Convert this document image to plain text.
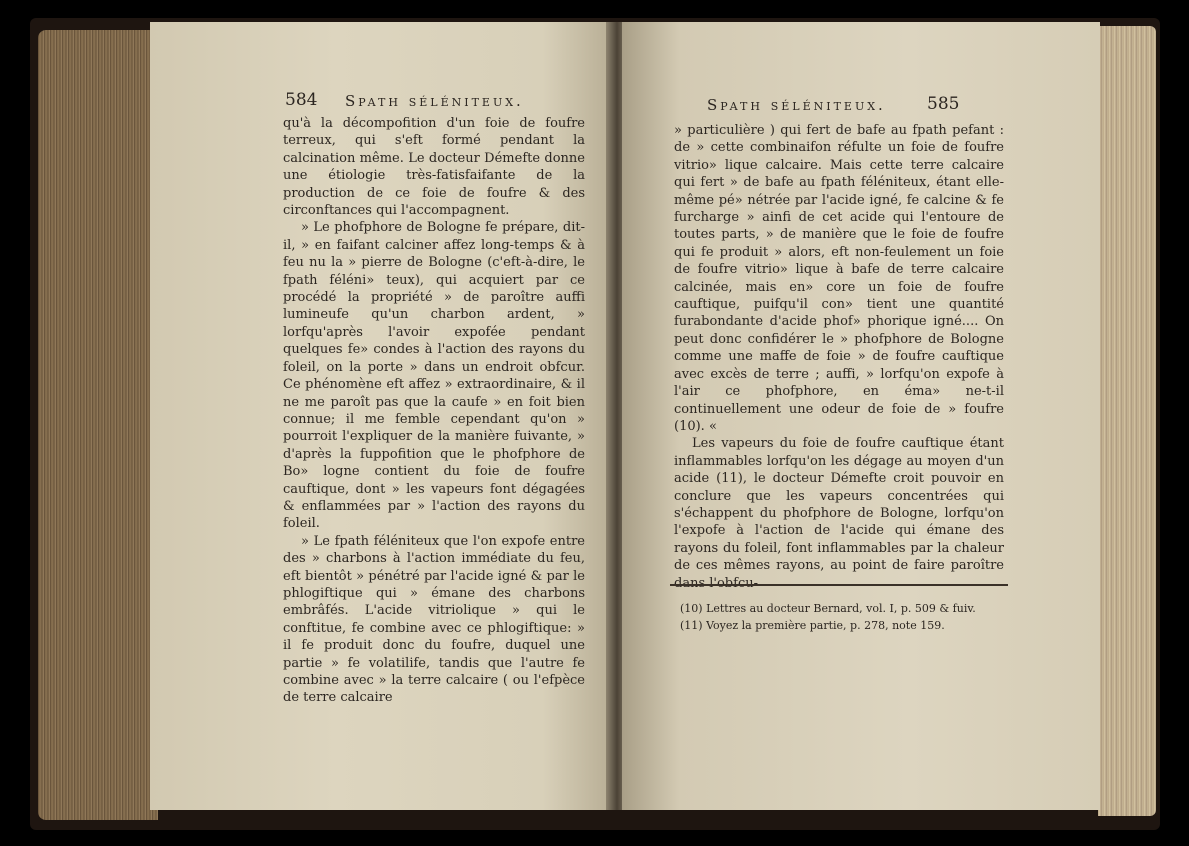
584 Spath séléniteux.

qu'à la décompofition d'un foie de foufre terreux, qui s'eft formé pendant la calcination même. Le docteur Démefte donne une étiologie très-fatisfaifante de la production de ce foie de foufre & des circonftances qui l'accompagnent.

» Le phofphore de Bologne fe prépare, dit-il, » en faifant calciner affez long-temps & à feu nu la » pierre de Bologne (c'eft-à-dire, le fpath féléni» teux), qui acquiert par ce procédé la propriété » de paroître auffi lumineufe qu'un charbon ardent, » lorfqu'après l'avoir expofée pendant quelques fe» condes à l'action des rayons du foleil, on la porte » dans un endroit obfcur. Ce phénomène eft affez » extraordinaire, & il ne me paroît pas que la caufe » en foit bien connue; il me femble cependant qu'on » pourroit l'expliquer de la manière fuivante, » d'après la fuppofition que le phofphore de Bo» logne contient du foie de foufre cauftique, dont » les vapeurs font dégagées & enflammées par » l'action des rayons du foleil.

» Le fpath féléniteux que l'on expofe entre des » charbons à l'action immédiate du feu, eft bientôt » pénétré par l'acide igné & par le phlogiftique qui » émane des charbons embrâfés. L'acide vitriolique » qui le conftitue, fe combine avec ce phlogiftique: » il fe produit donc du foufre, duquel une partie » fe volatilife, tandis que l'autre fe combine avec » la terre calcaire ( ou l'efpèce de terre calcaire

Spath séléniteux. 585

» particulière ) qui fert de bafe au fpath pefant : de » cette combinaifon réfulte un foie de foufre vitrio» lique calcaire. Mais cette terre calcaire qui fert » de bafe au fpath féléniteux, étant elle-même pé» nétrée par l'acide igné, fe calcine & fe furcharge » ainfi de cet acide qui l'entoure de toutes parts, » de manière que le foie de foufre qui fe produit » alors, eft non-feulement un foie de foufre vitrio» lique à bafe de terre calcaire calcinée, mais en» core un foie de foufre cauftique, puifqu'il con» tient une quantité furabondante d'acide phof» phorique igné.... On peut donc confidérer le » phofphore de Bologne comme une maffe de foie » de foufre cauftique avec excès de terre ; auffi, » lorfqu'on expofe à l'air ce phofphore, en éma» ne-t-il continuellement une odeur de foie de » foufre (10). «

Les vapeurs du foie de foufre cauftique étant inflammables lorfqu'on les dégage au moyen d'un acide (11), le docteur Démefte croit pouvoir en conclure que les vapeurs concentrées qui s'échappent du phofphore de Bologne, lorfqu'on l'expofe à l'action de l'acide qui émane des rayons du foleil, font inflammables par la chaleur de ces mêmes rayons, au point de faire paroître

(10) Lettres au docteur Bernard, vol. I, p. 509 & fuiv.

(11) Voyez la première partie, p. 278, note 159.
